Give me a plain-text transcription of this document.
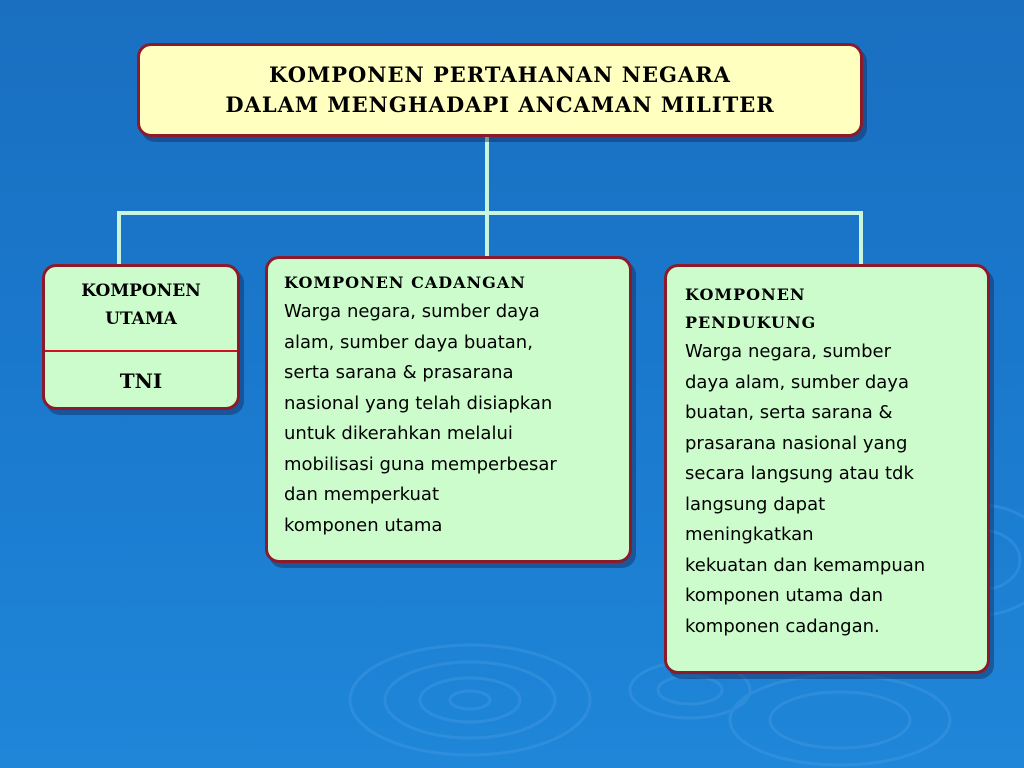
KOMPONEN PERTAHANAN NEGARA
DALAM MENGHADAPI ANCAMAN MILITER
KOMPONEN
UTAMA
TNI
KOMPONEN CADANGAN
Warga negara, sumber daya
alam, sumber daya buatan,
serta sarana & prasarana
nasional yang telah disiapkan
untuk dikerahkan melalui
mobilisasi guna memperbesar
dan memperkuat
komponen utama
KOMPONEN
PENDUKUNG
Warga negara, sumber
daya alam, sumber daya
buatan, serta sarana &
prasarana nasional yang
secara langsung atau tdk
langsung dapat
meningkatkan
kekuatan dan kemampuan
komponen utama dan
komponen cadangan.
